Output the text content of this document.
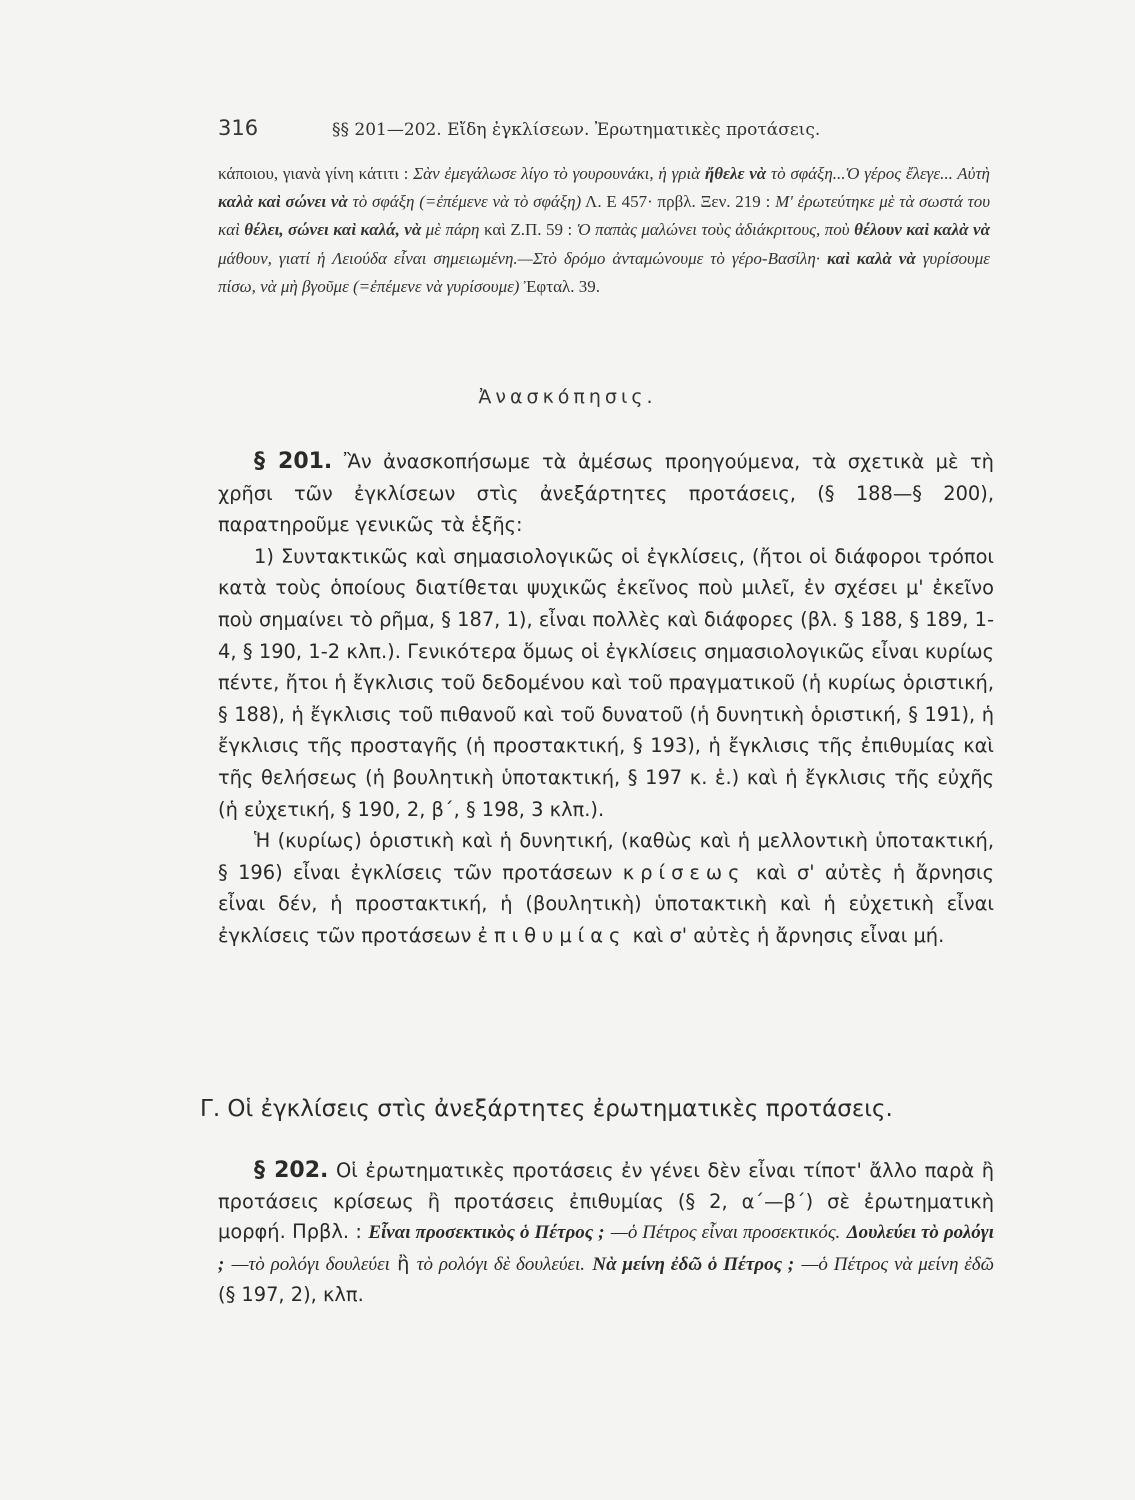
316	§§ 201—202. Εἴδη ἐγκλίσεων. Ἐρωτηματικὲς προτάσεις.

κάποιου, γιανὰ γίνη κάτιτι : Σὰν ἐμεγάλωσε λίγο τὸ γουρουνάκι, ἡ γριὰ ἤθελε νὰ τὸ σφάξη...Ὁ γέρος ἔλεγε... Αὐτὴ καλὰ καὶ σώνει νὰ τὸ σφάξη (=ἐπέμενε νὰ τὸ σφάξη) Λ. Ε 457· πρβλ. Ξεν. 219 : Μ' ἐρωτεύτηκε μὲ τὰ σωστά του καὶ θέλει, σώνει καὶ καλά, νὰ μὲ πάρη καὶ Ζ.Π. 59 : Ὁ παπὰς μαλώνει τοὺς ἀδιάκριτους, ποὺ θέλουν καὶ καλὰ νὰ μάθουν, γιατί ἡ Λειούδα εἶναι σημειωμένη.—Στὸ δρόμο ἀνταμώνουμε τὸ γέρο-Βασίλη· καὶ καλὰ νὰ γυρίσουμε πίσω, νὰ μὴ βγοῦμε (=ἐπέμενε νὰ γυρίσουμε) Ἐφταλ. 39.

Ἀνασκόπησις.

§ 201. Ἂν ἀνασκοπήσωμε τὰ ἀμέσως προηγούμενα, τὰ σχετικὰ μὲ τὴ χρῆσι τῶν ἐγκλίσεων στὶς ἀνεξάρτητες προτάσεις, (§ 188—§ 200), παρατηροῦμε γενικῶς τὰ ἑξῆς:

1) Συντακτικῶς καὶ σημασιολογικῶς οἱ ἐγκλίσεις, (ἤτοι οἱ διάφοροι τρόποι κατὰ τοὺς ὁποίους διατίθεται ψυχικῶς ἐκεῖνος ποὺ μιλεῖ, ἐν σχέσει μ' ἐκεῖνο ποὺ σημαίνει τὸ ρῆμα, § 187, 1), εἶναι πολλὲς καὶ διάφορες (βλ. § 188, § 189, 1-4, § 190, 1-2 κλπ.). Γενικότερα ὅμως οἱ ἐγκλίσεις σημασιολογικῶς εἶναι κυρίως πέντε, ἤτοι ἡ ἔγκλισις τοῦ δεδομένου καὶ τοῦ πραγματικοῦ (ἡ κυρίως ὁριστική, § 188), ἡ ἔγκλισις τοῦ πιθανοῦ καὶ τοῦ δυνατοῦ (ἡ δυνητικὴ ὁριστική, § 191), ἡ ἔγκλισις τῆς προσταγῆς (ἡ προστακτική, § 193), ἡ ἔγκλισις τῆς ἐπιθυμίας καὶ τῆς θελήσεως (ἡ βουλητικὴ ὑποτακτική, § 197 κ. ἑ.) καὶ ἡ ἔγκλισις τῆς εὐχῆς (ἡ εὐχετική, § 190, 2, β΄, § 198, 3 κλπ.).

Ἡ (κυρίως) ὁριστικὴ καὶ ἡ δυνητική, (καθὼς καὶ ἡ μελλοντικὴ ὑποτακτική, § 196) εἶναι ἐγκλίσεις τῶν προτάσεων κρίσεως καὶ σ' αὐτὲς ἡ ἄρνησις εἶναι δέν, ἡ προστακτική, ἡ (βουλητικὴ) ὑποτακτικὴ καὶ ἡ εὐχετικὴ εἶναι ἐγκλίσεις τῶν προτάσεων ἐπιθυμίας καὶ σ' αὐτὲς ἡ ἄρνησις εἶναι μή.

Γ. Οἱ ἐγκλίσεις στὶς ἀνεξάρτητες ἐρωτηματικὲς προτάσεις.

§ 202. Οἱ ἐρωτηματικὲς προτάσεις ἐν γένει δὲν εἶναι τίποτ' ἄλλο παρὰ ἢ προτάσεις κρίσεως ἢ προτάσεις ἐπιθυμίας (§ 2, α΄—β΄) σὲ ἐρωτηματικὴ μορφή. Πρβλ. : Εἶναι προσεκτικὸς ὁ Πέτρος ; —ὁ Πέτρος εἶναι προσεκτικός. Δουλεύει τὸ ρολόγι ; —τὸ ρολόγι δουλεύει ἢ τὸ ρολόγι δὲ δουλεύει. Νὰ μείνη ἐδῶ ὁ Πέτρος ; —ὁ Πέτρος νὰ μείνη ἐδῶ (§ 197, 2), κλπ.
